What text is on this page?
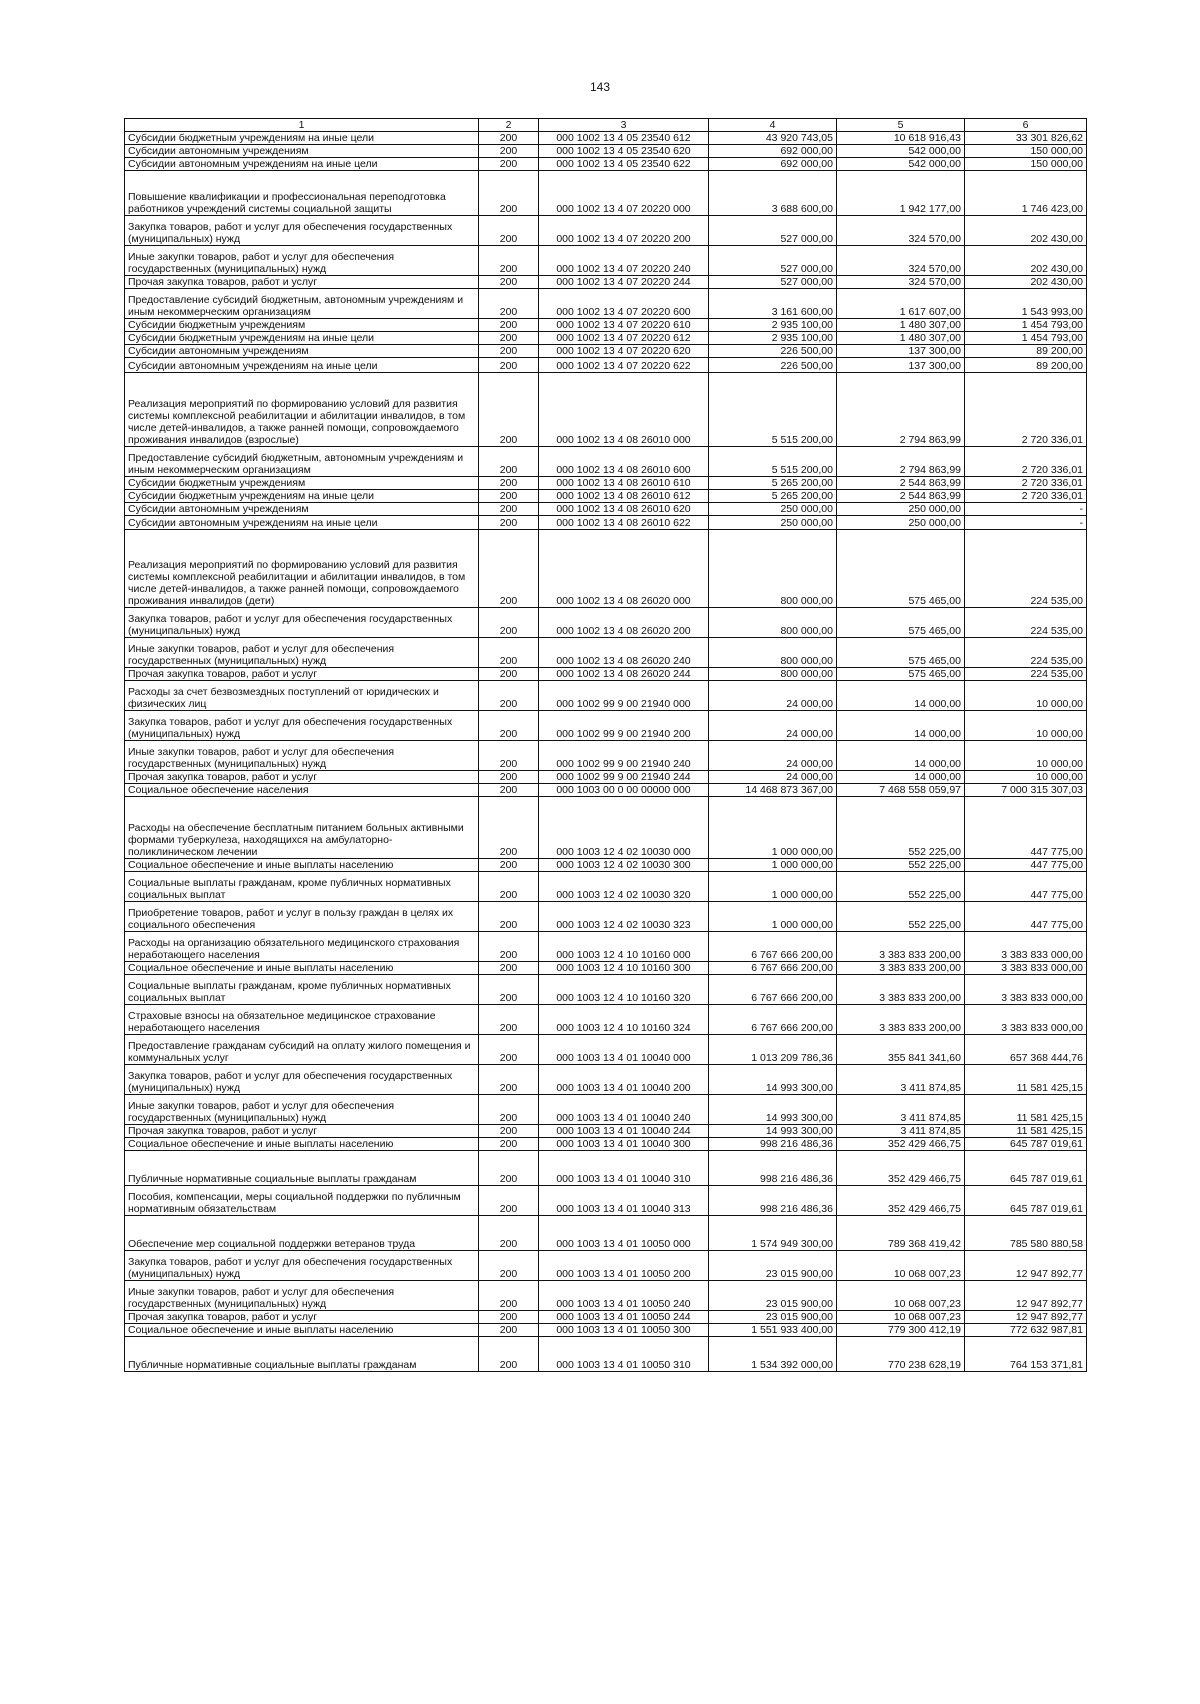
143
1	2	3	4	5	6
Субсидии бюджетным учреждениям на иные цели	200	000 1002 13 4 05 23540 612	43 920 743,05	10 618 916,43	33 301 826,62
Субсидии автономным учреждениям	200	000 1002 13 4 05 23540 620	692 000,00	542 000,00	150 000,00
Субсидии автономным учреждениям на иные цели	200	000 1002 13 4 05 23540 622	692 000,00	542 000,00	150 000,00
Повышение квалификации и профессиональная переподготовка работников учреждений системы социальной защиты	200	000 1002 13 4 07 20220 000	3 688 600,00	1 942 177,00	1 746 423,00
Закупка товаров, работ и услуг для обеспечения государственных (муниципальных) нужд	200	000 1002 13 4 07 20220 200	527 000,00	324 570,00	202 430,00
Иные закупки товаров, работ и услуг для обеспечения государственных (муниципальных) нужд	200	000 1002 13 4 07 20220 240	527 000,00	324 570,00	202 430,00
Прочая закупка товаров, работ и услуг	200	000 1002 13 4 07 20220 244	527 000,00	324 570,00	202 430,00
Предоставление субсидий бюджетным, автономным учреждениям и иным некоммерческим организациям	200	000 1002 13 4 07 20220 600	3 161 600,00	1 617 607,00	1 543 993,00
Субсидии бюджетным учреждениям	200	000 1002 13 4 07 20220 610	2 935 100,00	1 480 307,00	1 454 793,00
Субсидии бюджетным учреждениям на иные цели	200	000 1002 13 4 07 20220 612	2 935 100,00	1 480 307,00	1 454 793,00
Субсидии автономным учреждениям	200	000 1002 13 4 07 20220 620	226 500,00	137 300,00	89 200,00
Субсидии автономным учреждениям на иные цели	200	000 1002 13 4 07 20220 622	226 500,00	137 300,00	89 200,00
Реализация мероприятий по формированию условий для развития системы комплексной реабилитации и абилитации инвалидов, в том числе детей-инвалидов, а также ранней помощи, сопровождаемого проживания инвалидов (взрослые)	200	000 1002 13 4 08 26010 000	5 515 200,00	2 794 863,99	2 720 336,01
Предоставление субсидий бюджетным, автономным учреждениям и иным некоммерческим организациям	200	000 1002 13 4 08 26010 600	5 515 200,00	2 794 863,99	2 720 336,01
Субсидии бюджетным учреждениям	200	000 1002 13 4 08 26010 610	5 265 200,00	2 544 863,99	2 720 336,01
Субсидии бюджетным учреждениям на иные цели	200	000 1002 13 4 08 26010 612	5 265 200,00	2 544 863,99	2 720 336,01
Субсидии автономным учреждениям	200	000 1002 13 4 08 26010 620	250 000,00	250 000,00	-
Субсидии автономным учреждениям на иные цели	200	000 1002 13 4 08 26010 622	250 000,00	250 000,00	-
Реализация мероприятий по формированию условий для развития системы комплексной реабилитации и абилитации инвалидов, в том числе детей-инвалидов, а также ранней помощи, сопровождаемого проживания инвалидов (дети)	200	000 1002 13 4 08 26020 000	800 000,00	575 465,00	224 535,00
Закупка товаров, работ и услуг для обеспечения государственных (муниципальных) нужд	200	000 1002 13 4 08 26020 200	800 000,00	575 465,00	224 535,00
Иные закупки товаров, работ и услуг для обеспечения государственных (муниципальных) нужд	200	000 1002 13 4 08 26020 240	800 000,00	575 465,00	224 535,00
Прочая закупка товаров, работ и услуг	200	000 1002 13 4 08 26020 244	800 000,00	575 465,00	224 535,00
Расходы за счет безвозмездных поступлений от юридических и физических лиц	200	000 1002 99 9 00 21940 000	24 000,00	14 000,00	10 000,00
Закупка товаров, работ и услуг для обеспечения государственных (муниципальных) нужд	200	000 1002 99 9 00 21940 200	24 000,00	14 000,00	10 000,00
Иные закупки товаров, работ и услуг для обеспечения государственных (муниципальных) нужд	200	000 1002 99 9 00 21940 240	24 000,00	14 000,00	10 000,00
Прочая закупка товаров, работ и услуг	200	000 1002 99 9 00 21940 244	24 000,00	14 000,00	10 000,00
Социальное обеспечение населения	200	000 1003 00 0 00 00000 000	14 468 873 367,00	7 468 558 059,97	7 000 315 307,03
Расходы на обеспечение бесплатным питанием больных активными формами туберкулеза, находящихся на амбулаторно-поликлиническом лечении	200	000 1003 12 4 02 10030 000	1 000 000,00	552 225,00	447 775,00
Социальное обеспечение и иные выплаты населению	200	000 1003 12 4 02 10030 300	1 000 000,00	552 225,00	447 775,00
Социальные выплаты гражданам, кроме публичных нормативных социальных выплат	200	000 1003 12 4 02 10030 320	1 000 000,00	552 225,00	447 775,00
Приобретение товаров, работ и услуг в пользу граждан в целях их социального обеспечения	200	000 1003 12 4 02 10030 323	1 000 000,00	552 225,00	447 775,00
Расходы на организацию обязательного медицинского страхования неработающего населения	200	000 1003 12 4 10 10160 000	6 767 666 200,00	3 383 833 200,00	3 383 833 000,00
Социальное обеспечение и иные выплаты населению	200	000 1003 12 4 10 10160 300	6 767 666 200,00	3 383 833 200,00	3 383 833 000,00
Социальные выплаты гражданам, кроме публичных нормативных социальных выплат	200	000 1003 12 4 10 10160 320	6 767 666 200,00	3 383 833 200,00	3 383 833 000,00
Страховые взносы на обязательное медицинское страхование неработающего населения	200	000 1003 12 4 10 10160 324	6 767 666 200,00	3 383 833 200,00	3 383 833 000,00
Предоставление гражданам субсидий на оплату жилого помещения и коммунальных услуг	200	000 1003 13 4 01 10040 000	1 013 209 786,36	355 841 341,60	657 368 444,76
Закупка товаров, работ и услуг для обеспечения государственных (муниципальных) нужд	200	000 1003 13 4 01 10040 200	14 993 300,00	3 411 874,85	11 581 425,15
Иные закупки товаров, работ и услуг для обеспечения государственных (муниципальных) нужд	200	000 1003 13 4 01 10040 240	14 993 300,00	3 411 874,85	11 581 425,15
Прочая закупка товаров, работ и услуг	200	000 1003 13 4 01 10040 244	14 993 300,00	3 411 874,85	11 581 425,15
Социальное обеспечение и иные выплаты населению	200	000 1003 13 4 01 10040 300	998 216 486,36	352 429 466,75	645 787 019,61
Публичные нормативные социальные выплаты гражданам	200	000 1003 13 4 01 10040 310	998 216 486,36	352 429 466,75	645 787 019,61
Пособия, компенсации, меры социальной поддержки по публичным нормативным обязательствам	200	000 1003 13 4 01 10040 313	998 216 486,36	352 429 466,75	645 787 019,61
Обеспечение мер социальной поддержки ветеранов труда	200	000 1003 13 4 01 10050 000	1 574 949 300,00	789 368 419,42	785 580 880,58
Закупка товаров, работ и услуг для обеспечения государственных (муниципальных) нужд	200	000 1003 13 4 01 10050 200	23 015 900,00	10 068 007,23	12 947 892,77
Иные закупки товаров, работ и услуг для обеспечения государственных (муниципальных) нужд	200	000 1003 13 4 01 10050 240	23 015 900,00	10 068 007,23	12 947 892,77
Прочая закупка товаров, работ и услуг	200	000 1003 13 4 01 10050 244	23 015 900,00	10 068 007,23	12 947 892,77
Социальное обеспечение и иные выплаты населению	200	000 1003 13 4 01 10050 300	1 551 933 400,00	779 300 412,19	772 632 987,81
Публичные нормативные социальные выплаты гражданам	200	000 1003 13 4 01 10050 310	1 534 392 000,00	770 238 628,19	764 153 371,81
